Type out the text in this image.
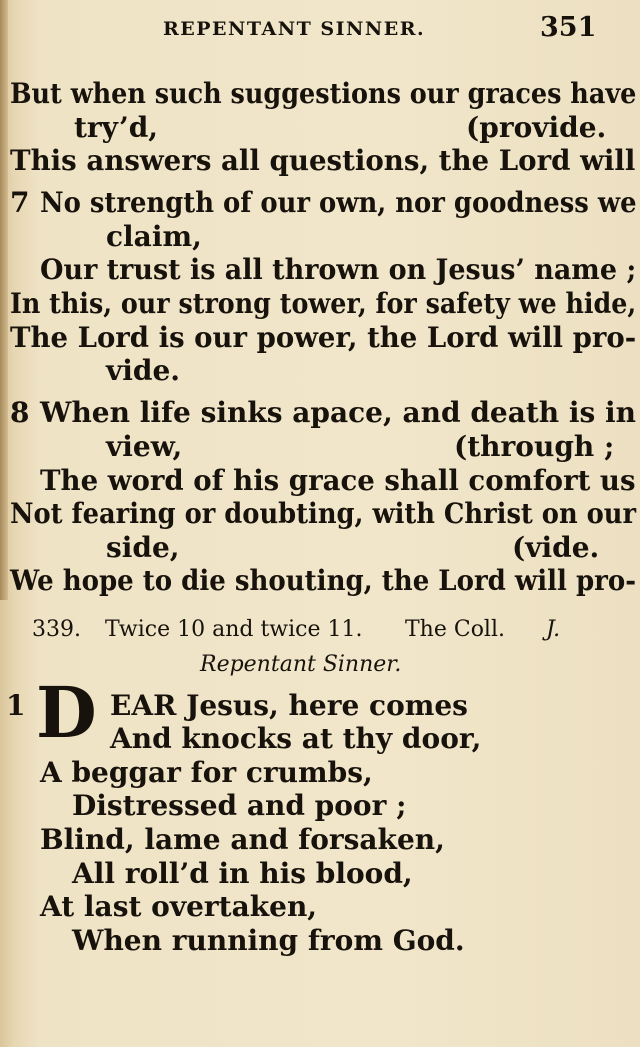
REPENTANT SINNER.	351
But when such suggestions our graces have
try’d,	(provide.
This answers all questions, the Lord will
7 No strength of our own, nor goodness we
claim,
Our trust is all thrown on Jesus’ name ;
In this, our strong tower, for safety we hide,
The Lord is our power, the Lord will pro-
vide.
8 When life sinks apace, and death is in
view,	(through ;
The word of his grace shall comfort us
Not fearing or doubting, with Christ on our
side,	(vide.
We hope to die shouting, the Lord will pro-
339. Twice 10 and twice 11. The Coll. J.
Repentant Sinner.
1 D EAR Jesus, here comes
And knocks at thy door,
A beggar for crumbs,
Distressed and poor ;
Blind, lame and forsaken,
All roll’d in his blood,
At last overtaken,
When running from God.
